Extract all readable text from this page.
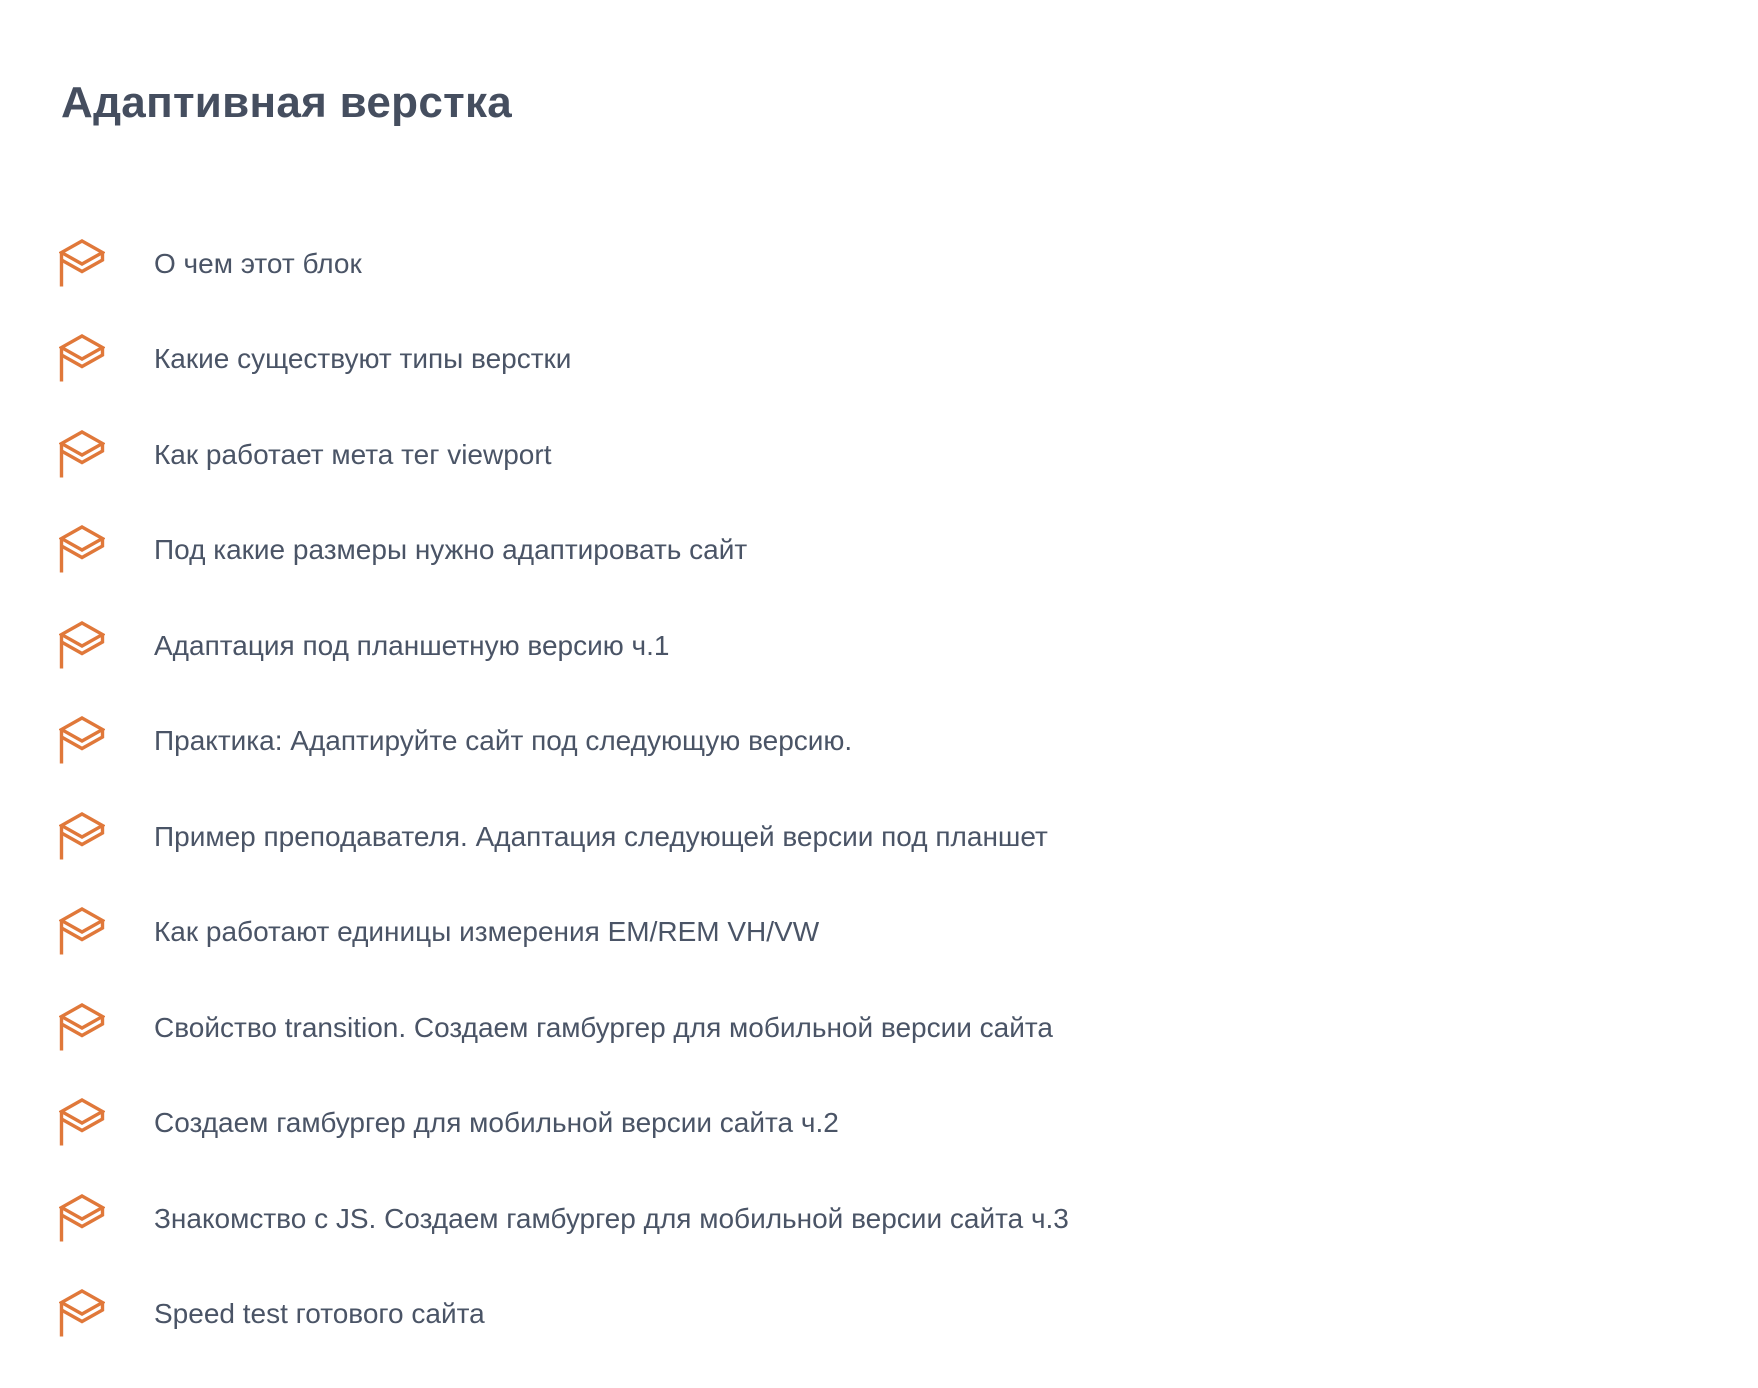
Адаптивная верстка
О чем этот блок
Какие существуют типы верстки
Как работает мета тег viewport
Под какие размеры нужно адаптировать сайт
Адаптация под планшетную версию ч.1
Практика: Адаптируйте сайт под следующую версию.
Пример преподавателя. Адаптация следующей версии под планшет
Как работают единицы измерения EM/REM VH/VW
Свойство transition. Создаем гамбургер для мобильной версии сайта
Создаем гамбургер для мобильной версии сайта ч.2
Знакомство с JS. Создаем гамбургер для мобильной версии сайта ч.3
Speed test готового сайта
